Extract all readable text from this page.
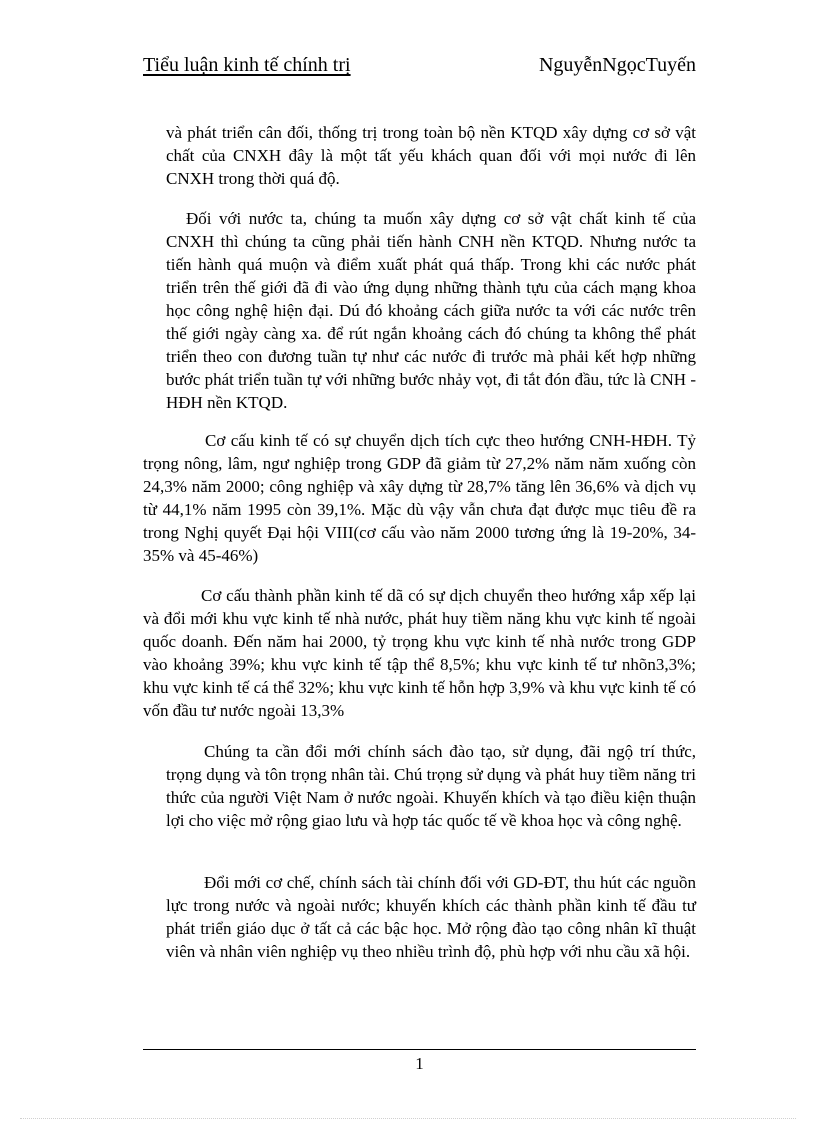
Tiểu luận kinh tế chính trị	NguyễnNgọcTuyến

và phát triển cân đối, thống trị trong toàn bộ nền KTQD xây dựng cơ sở vật chất của CNXH đây là một tất yếu khách quan đối với mọi nước đi lên CNXH trong thời quá độ.

Đối với nước ta, chúng ta muốn xây dựng cơ sở vật chất kinh tế của CNXH thì chúng ta cũng phải tiến hành CNH nền KTQD. Nhưng nước ta tiến hành quá muộn và điểm xuất phát quá thấp. Trong khi các nước phát triển trên thế giới đã đi vào ứng dụng những thành tựu của cách mạng khoa học công nghệ hiện đại. Dú đó khoảng cách giữa nước ta với các nước trên thế giới ngày càng xa. để rút ngắn khoảng cách đó chúng ta không thể phát triển theo con đương tuần tự như các nước đi trước mà phải kết hợp những bước phát triển tuần tự với những bước nhảy vọt, đi tắt đón đầu, tức là CNH - HĐH nền KTQD.

Cơ cấu kinh tế có sự chuyển dịch tích cực theo hướng CNH-HĐH. Tỷ trọng nông, lâm, ngư nghiệp trong GDP đã giảm từ 27,2% năm năm xuống còn 24,3% năm 2000; công nghiệp và xây dựng từ 28,7% tăng lên 36,6% và dịch vụ từ 44,1% năm 1995 còn 39,1%. Mặc dù vậy vẫn chưa đạt được mục tiêu đề ra trong Nghị quyết Đại hội VIII(cơ cấu vào năm 2000 tương ứng là 19-20%, 34-35% và 45-46%)

Cơ cấu thành phần kinh tế dã có sự dịch chuyển theo hướng xắp xếp lại và đổi mới khu vực kinh tế nhà nước, phát huy tiềm năng khu vực kinh tế ngoài quốc doanh. Đến năm hai 2000, tỷ trọng khu vực kinh tế nhà nước trong GDP vào khoảng 39%; khu vực kinh tế tập thể 8,5%; khu vực kinh tế tư nhõn3,3%; khu vực kinh tế cá thể 32%; khu vực kinh tế hỗn hợp 3,9% và khu vực kinh tế có vốn đầu tư nước ngoài 13,3%

Chúng ta cần đổi mới chính sách đào tạo, sử dụng, đãi ngộ trí thức, trọng dụng và tôn trọng nhân tài. Chú trọng sử dụng và phát huy tiềm năng tri thức của người Việt Nam ở nước ngoài. Khuyến khích và tạo điều kiện thuận lợi cho việc mở rộng giao lưu và hợp tác quốc tế về khoa học và công nghệ.

Đổi mới cơ chế, chính sách tài chính đối với GD-ĐT, thu hút các nguồn lực trong nước và ngoài nước; khuyến khích các thành phần kinh tế đầu tư phát triển giáo dục ở tất cả các bậc học. Mở rộng đào tạo công nhân kĩ thuật viên và nhân viên nghiệp vụ theo nhiều trình độ, phù hợp với nhu cầu xã hội.

1
